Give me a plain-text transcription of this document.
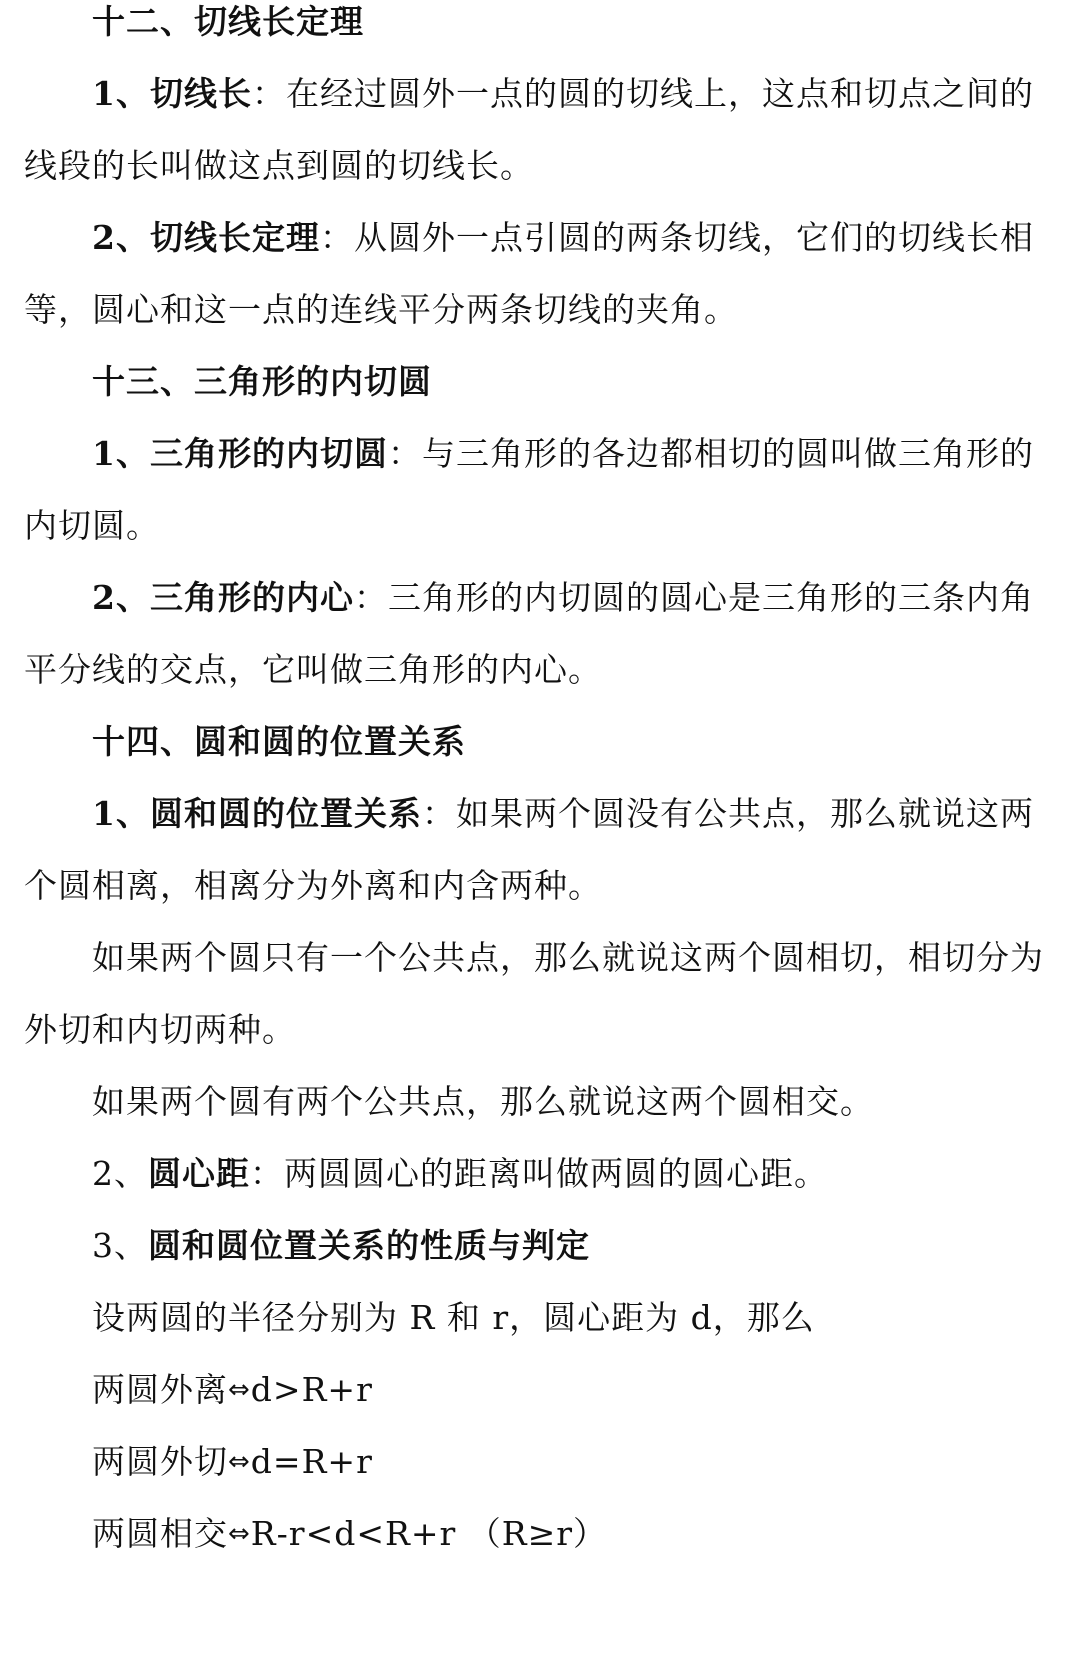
十二、切线长定理
1、切线长：在经过圆外一点的圆的切线上，这点和切点之间的
线段的长叫做这点到圆的切线长。
2、切线长定理：从圆外一点引圆的两条切线，它们的切线长相
等，圆心和这一点的连线平分两条切线的夹角。
十三、三角形的内切圆
1、三角形的内切圆：与三角形的各边都相切的圆叫做三角形的
内切圆。
2、三角形的内心：三角形的内切圆的圆心是三角形的三条内角
平分线的交点，它叫做三角形的内心。
十四、圆和圆的位置关系
1、圆和圆的位置关系：如果两个圆没有公共点，那么就说这两
个圆相离，相离分为外离和内含两种。
如果两个圆只有一个公共点，那么就说这两个圆相切，相切分为
外切和内切两种。
如果两个圆有两个公共点，那么就说这两个圆相交。
2、圆心距：两圆圆心的距离叫做两圆的圆心距。
3、圆和圆位置关系的性质与判定
设两圆的半径分别为 R 和 r，圆心距为 d，那么
两圆外离⇔d>R+r
两圆外切⇔d=R+r
两圆相交⇔R-r<d<R+r （R≥r）
